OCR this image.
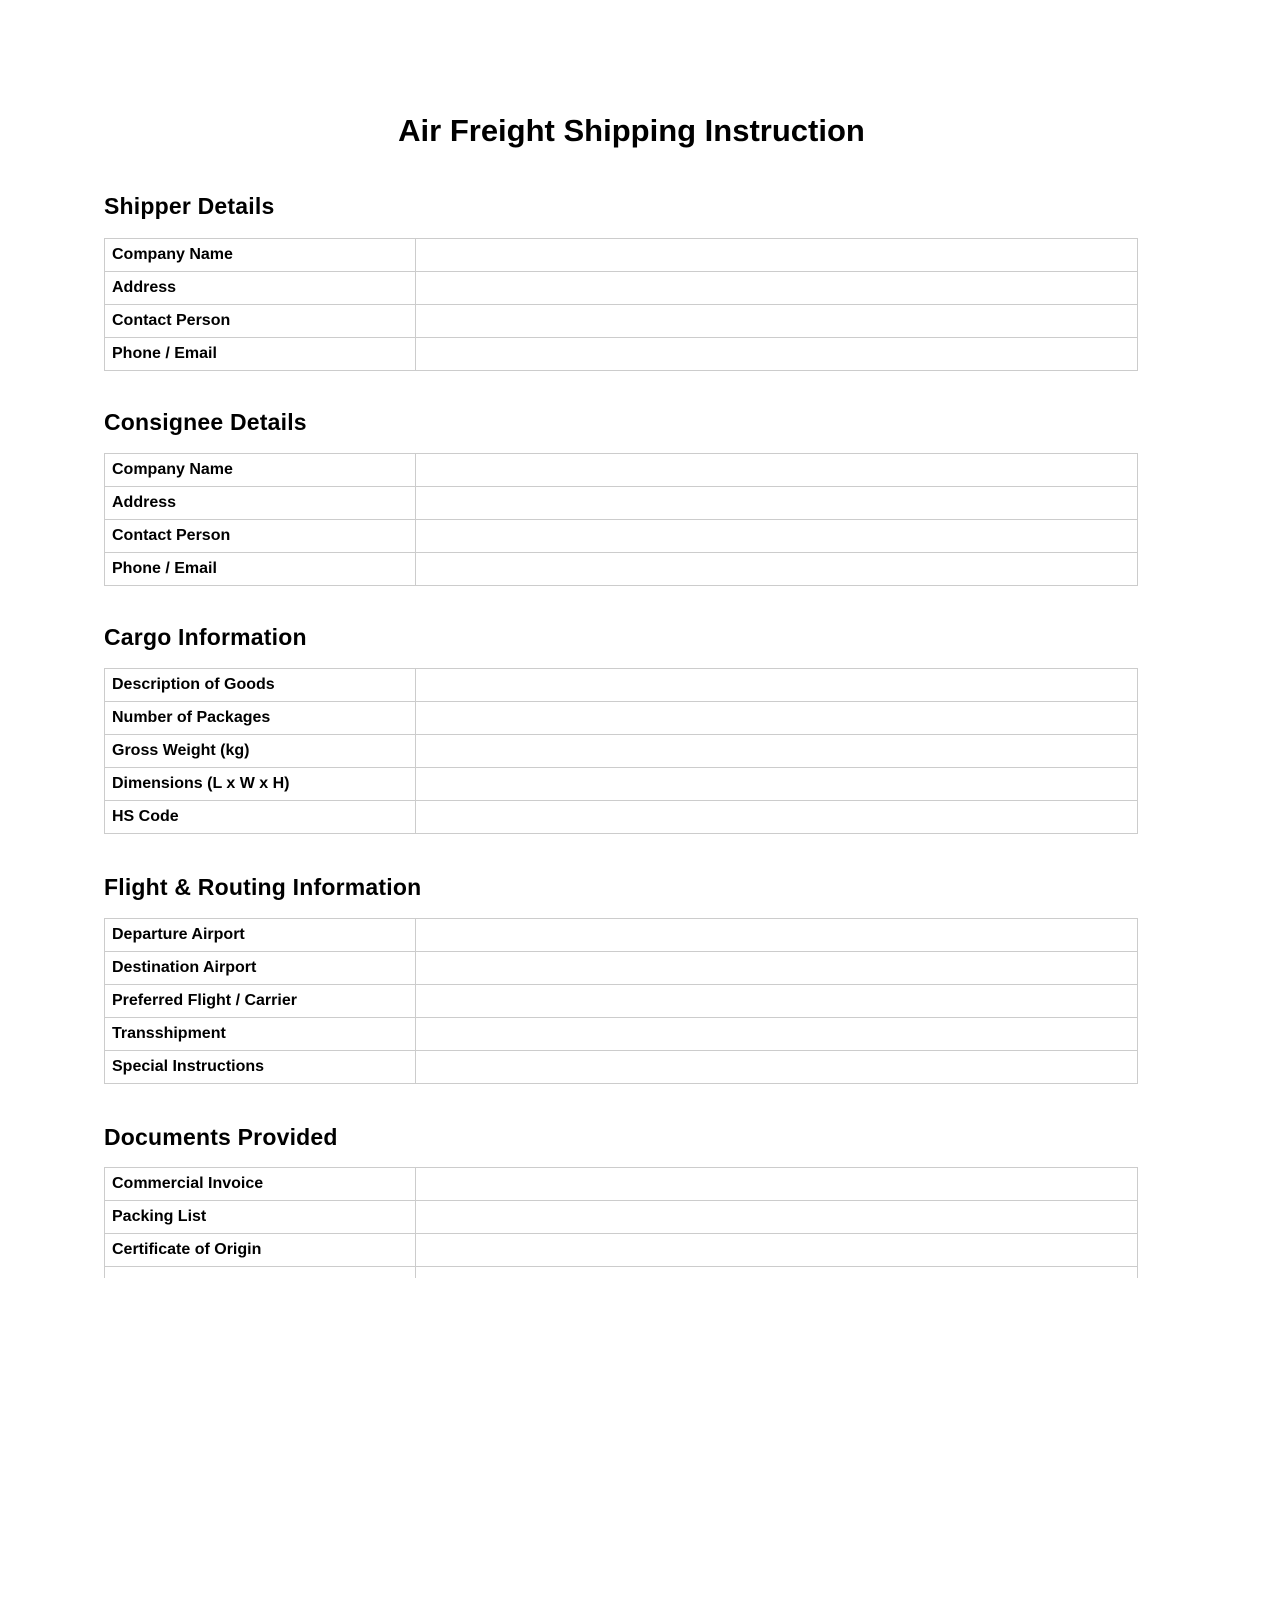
Air Freight Shipping Instruction
Shipper Details
Company Name	
Address	
Contact Person	
Phone / Email	
Consignee Details
Company Name	
Address	
Contact Person	
Phone / Email	
Cargo Information
Description of Goods	
Number of Packages	
Gross Weight (kg)	
Dimensions (L x W x H)	
HS Code	
Flight & Routing Information
Departure Airport	
Destination Airport	
Preferred Flight / Carrier	
Transshipment	
Special Instructions	
Documents Provided
Commercial Invoice	
Packing List	
Certificate of Origin	
